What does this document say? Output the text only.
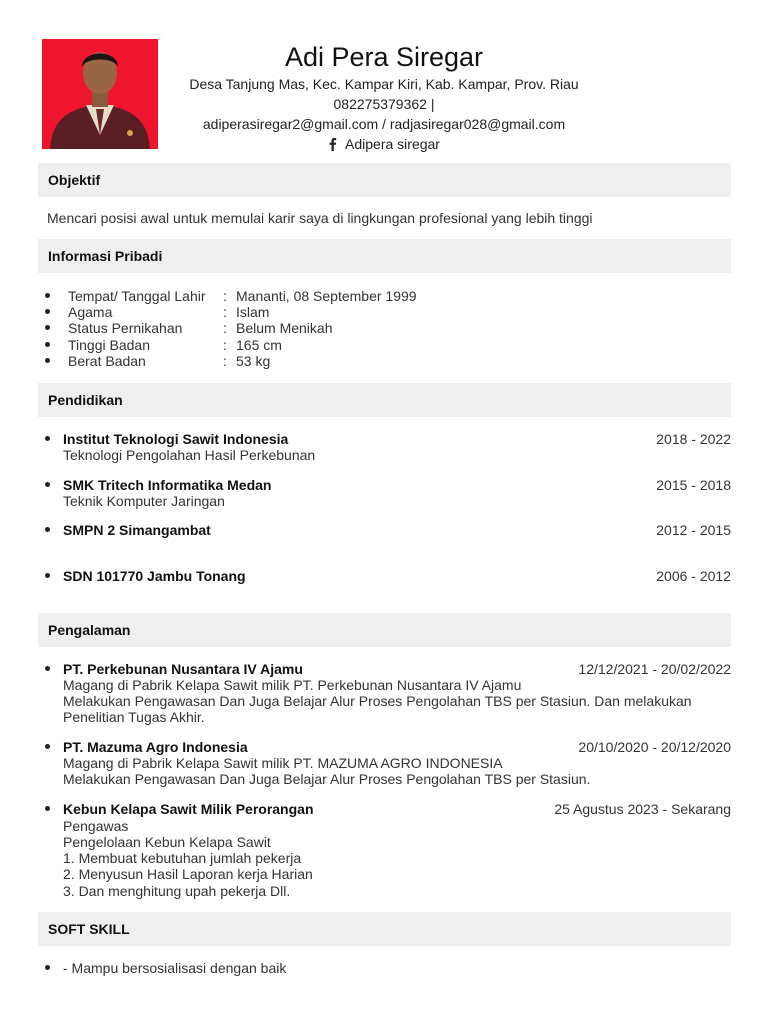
Adi Pera Siregar
Desa Tanjung Mas, Kec. Kampar Kiri, Kab. Kampar, Prov. Riau
082275379362 |
adiperasiregar2@gmail.com / radjasiregar028@gmail.com
Adipera siregar
Objektif
Mencari posisi awal untuk memulai karir saya di lingkungan profesional yang lebih tinggi
Informasi Pribadi
Tempat/ Tanggal Lahir : Mananti, 08 September 1999
Agama	: Islam
Status Pernikahan	: Belum Menikah
Tinggi Badan	: 165 cm
Berat Badan	: 53 kg
Pendidikan
Institut Teknologi Sawit Indonesia	2018 - 2022
Teknologi Pengolahan Hasil Perkebunan
SMK Tritech Informatika Medan	2015 - 2018
Teknik Komputer Jaringan
SMPN 2 Simangambat	2012 - 2015
SDN 101770 Jambu Tonang	2006 - 2012
Pengalaman
PT. Perkebunan Nusantara IV Ajamu	12/12/2021 - 20/02/2022
Magang di Pabrik Kelapa Sawit milik PT. Perkebunan Nusantara IV Ajamu
Melakukan Pengawasan Dan Juga Belajar Alur Proses Pengolahan TBS per Stasiun. Dan melakukan
Penelitian Tugas Akhir.
PT. Mazuma Agro Indonesia	20/10/2020 - 20/12/2020
Magang di Pabrik Kelapa Sawit milik PT. MAZUMA AGRO INDONESIA
Melakukan Pengawasan Dan Juga Belajar Alur Proses Pengolahan TBS per Stasiun.
Kebun Kelapa Sawit Milik Perorangan	25 Agustus 2023 - Sekarang
Pengawas
Pengelolaan Kebun Kelapa Sawit
1. Membuat kebutuhan jumlah pekerja
2. Menyusun Hasil Laporan kerja Harian
3. Dan menghitung upah pekerja Dll.
SOFT SKILL
- Mampu bersosialisasi dengan baik
